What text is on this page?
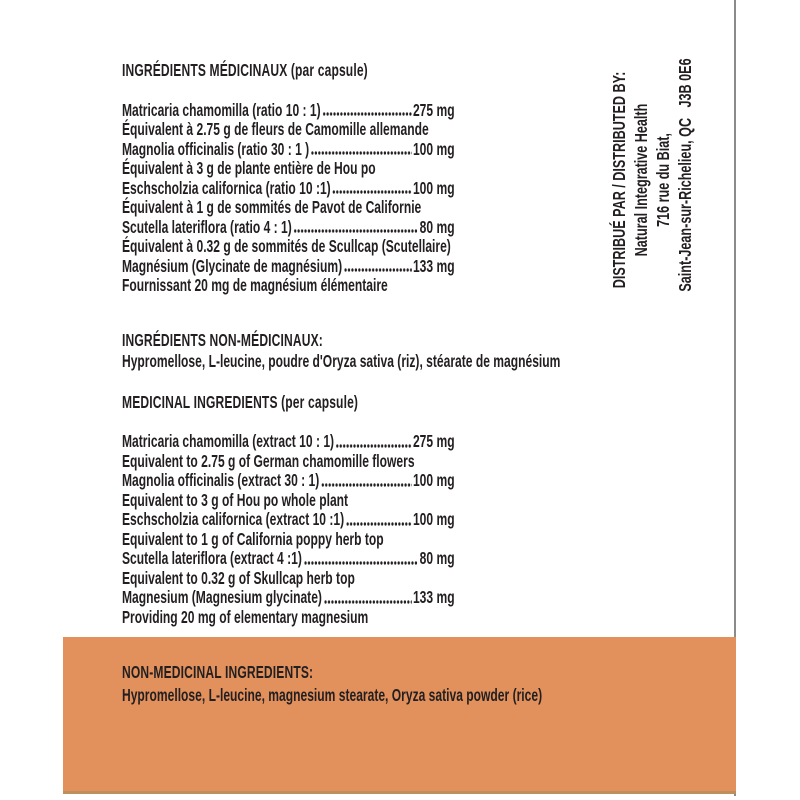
INGRÉDIENTS MÉDICINAUX (par capsule)
Matricaria chamomilla (ratio 10 : 1)	275 mg
Équivalent à 2.75 g de fleurs de Camomille allemande
Magnolia officinalis (ratio 30 : 1 )	100 mg
Équivalent à 3 g de plante entière de Hou po
Eschscholzia californica (ratio 10 :1)	100 mg
Équivalent à 1 g de sommités de Pavot de Californie
Scutella lateriflora (ratio 4 : 1)	80 mg
Équivalent à 0.32 g de sommités de Scullcap (Scutellaire)
Magnésium (Glycinate de magnésium)	133 mg
Fournissant 20 mg de magnésium élémentaire
INGRÉDIENTS NON-MÉDICINAUX:
Hypromellose, L-leucine, poudre d'Oryza sativa (riz), stéarate de magnésium
MEDICINAL INGREDIENTS (per capsule)
Matricaria chamomilla (extract 10 : 1)	275 mg
Equivalent to 2.75 g of German chamomille flowers
Magnolia officinalis (extract 30 : 1)	100 mg
Equivalent to 3 g of Hou po whole plant
Eschscholzia californica (extract 10 :1)	100 mg
Equivalent to 1 g of California poppy herb top
Scutella lateriflora (extract 4 :1)	80 mg
Equivalent to 0.32 g of Skullcap herb top
Magnesium (Magnesium glycinate)	133 mg
Providing 20 mg of elementary magnesium
NON-MEDICINAL INGREDIENTS:
Hypromellose, L-leucine, magnesium stearate, Oryza sativa powder (rice)
DISTRIBUÉ PAR / DISTRIBUTED BY: Natural Integrative Health 716 rue du Biat, Saint-Jean-sur-Richelieu, QC   J3B 0E6
